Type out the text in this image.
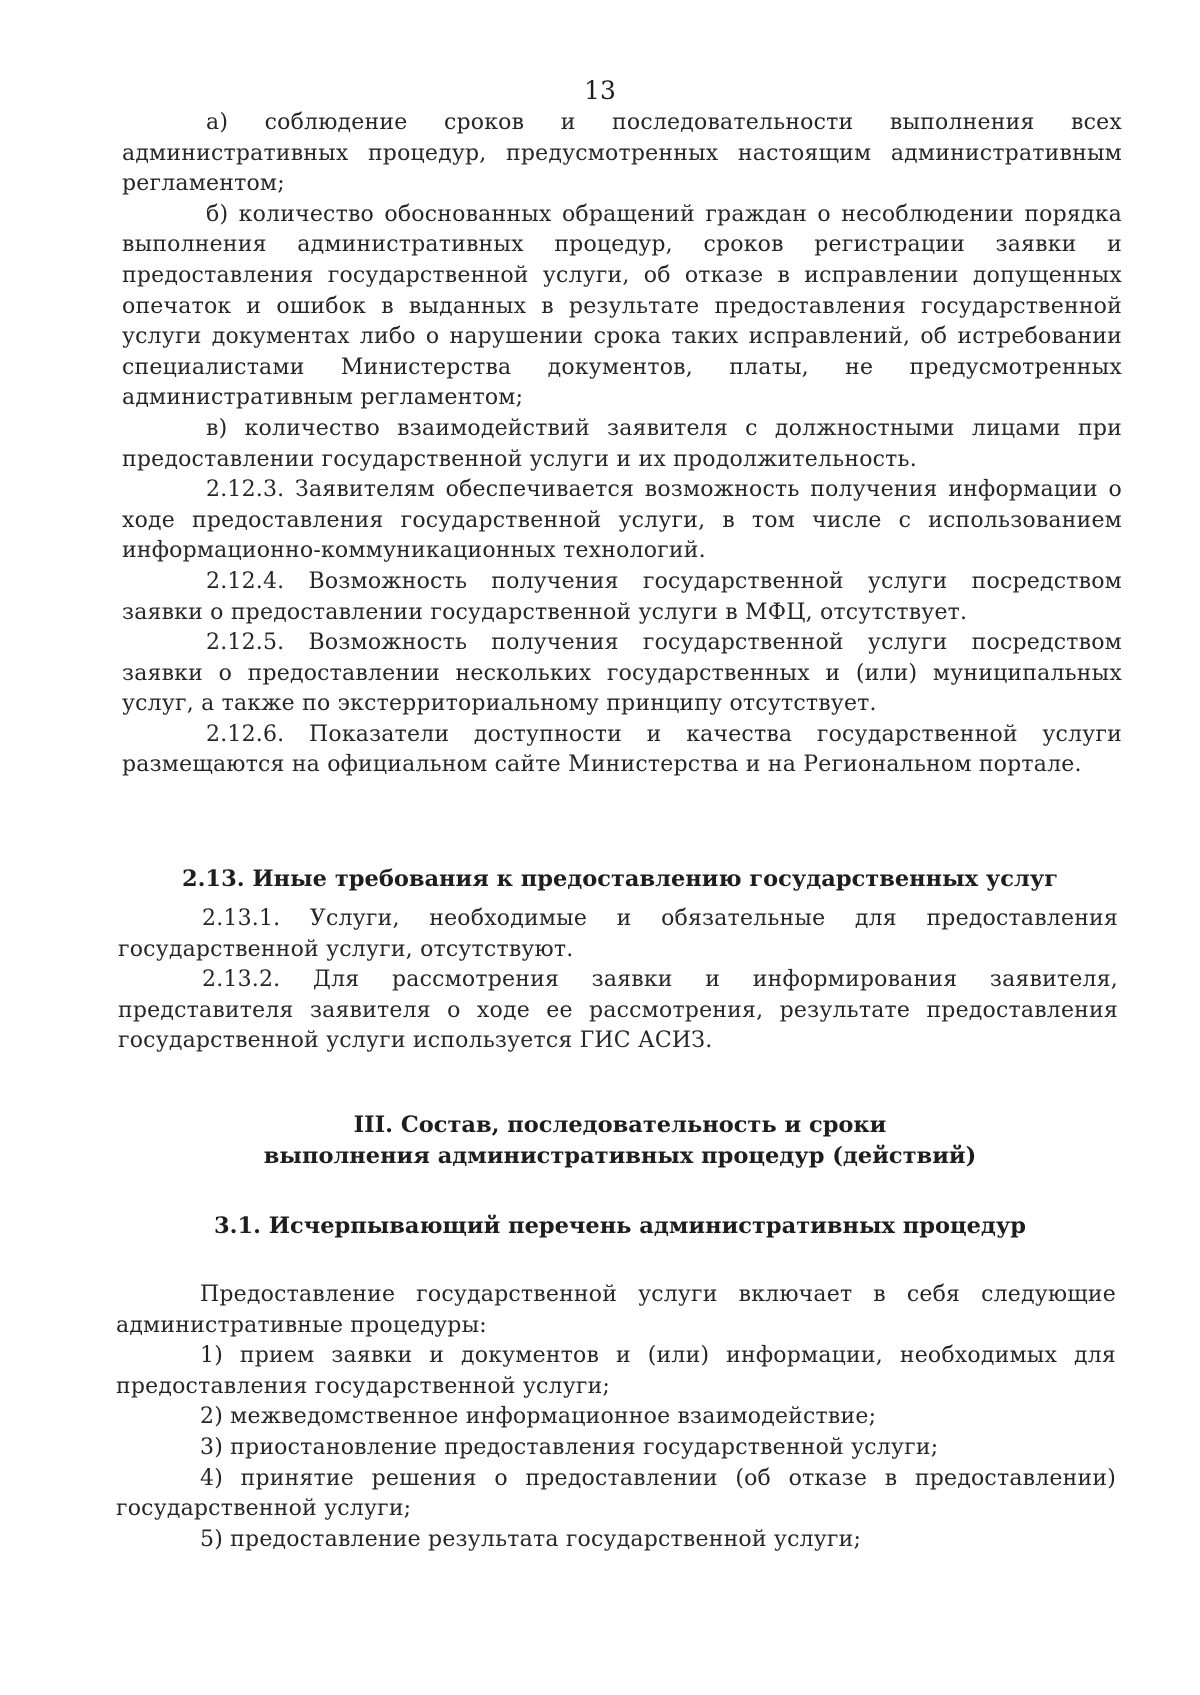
13

а) соблюдение сроков и последовательности выполнения всех административных процедур, предусмотренных настоящим административным регламентом;

б) количество обоснованных обращений граждан о несоблюдении порядка выполнения административных процедур, сроков регистрации заявки и предоставления государственной услуги, об отказе в исправлении допущенных опечаток и ошибок в выданных в результате предоставления государственной услуги документах либо о нарушении срока таких исправлений, об истребовании специалистами Министерства документов, платы, не предусмотренных административным регламентом;

в) количество взаимодействий заявителя с должностными лицами при предоставлении государственной услуги и их продолжительность.

2.12.3. Заявителям обеспечивается возможность получения информации о ходе предоставления государственной услуги, в том числе с использованием информационно-коммуникационных технологий.

2.12.4. Возможность получения государственной услуги посредством заявки о предоставлении государственной услуги в МФЦ, отсутствует.

2.12.5. Возможность получения государственной услуги посредством заявки о предоставлении нескольких государственных и (или) муниципальных услуг, а также по экстерриториальному принципу отсутствует.

2.12.6. Показатели доступности и качества государственной услуги размещаются на официальном сайте Министерства и на Региональном портале.

2.13. Иные требования к предоставлению государственных услуг

2.13.1. Услуги, необходимые и обязательные для предоставления государственной услуги, отсутствуют.

2.13.2. Для рассмотрения заявки и информирования заявителя, представителя заявителя о ходе ее рассмотрения, результате предоставления государственной услуги используется ГИС АСИЗ.

III. Состав, последовательность и сроки
выполнения административных процедур (действий)
3.1. Исчерпывающий перечень административных процедур

Предоставление государственной услуги включает в себя следующие административные процедуры:

1) прием заявки и документов и (или) информации, необходимых для предоставления государственной услуги;

2) межведомственное информационное взаимодействие;

3) приостановление предоставления государственной услуги;

4) принятие решения о предоставлении (об отказе в предоставлении) государственной услуги;

5) предоставление результата государственной услуги;
